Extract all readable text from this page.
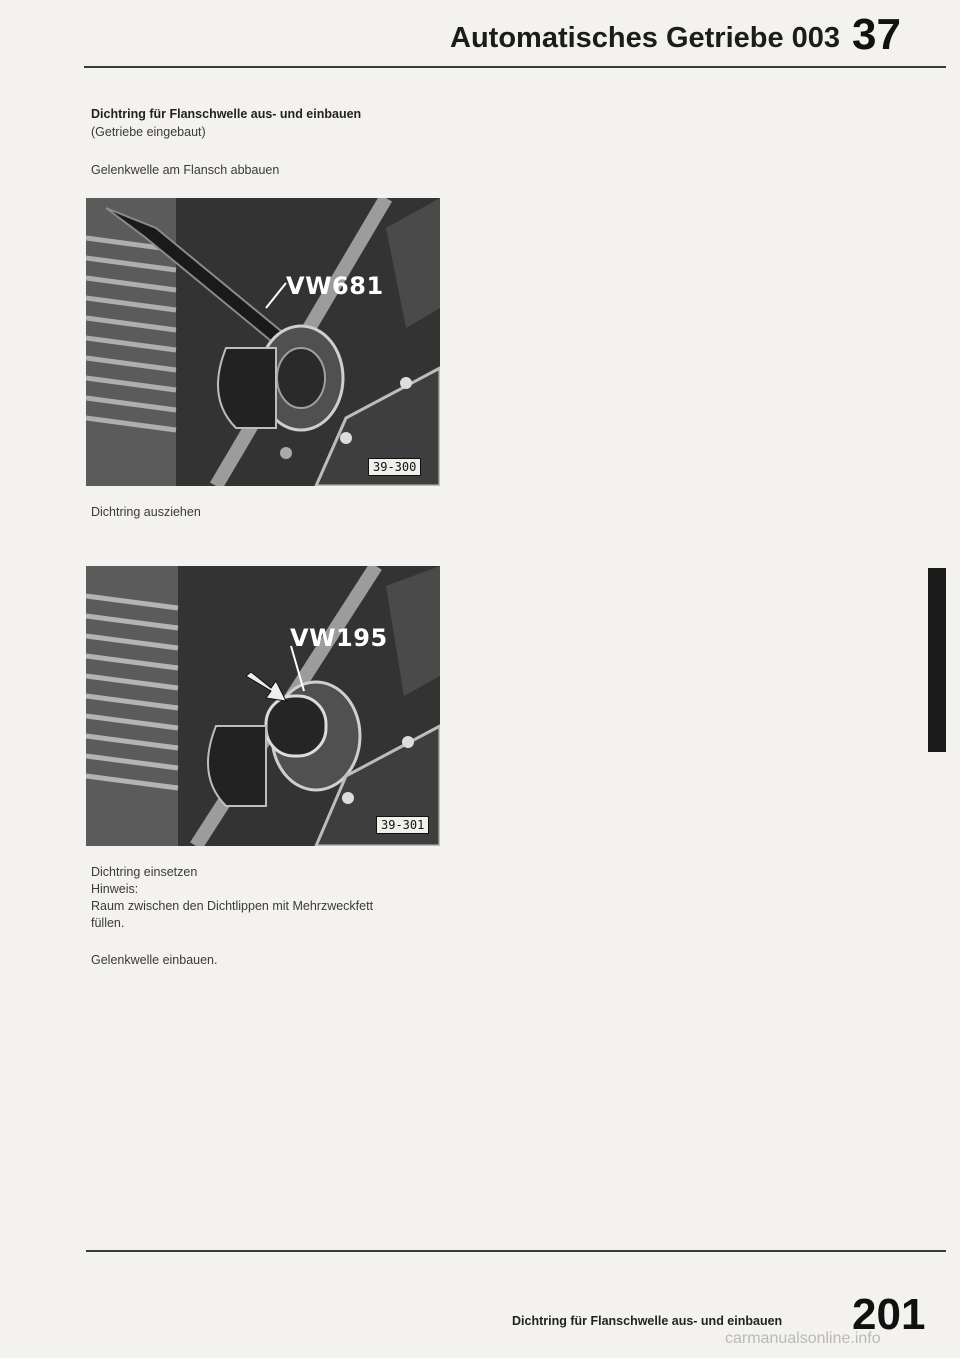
Automatisches Getriebe 003 37
Dichtring für Flanschwelle aus- und einbauen
(Getriebe eingebaut)
Gelenkwelle am Flansch abbauen
VW681
39-300
Dichtring ausziehen
VW195
39-301
Dichtring einsetzen
Hinweis:
Raum zwischen den Dichtlippen mit Mehrzweckfett
füllen.
Gelenkwelle einbauen.
Dichtring für Flanschwelle aus- und einbauen 201
carmanualsonline.info
